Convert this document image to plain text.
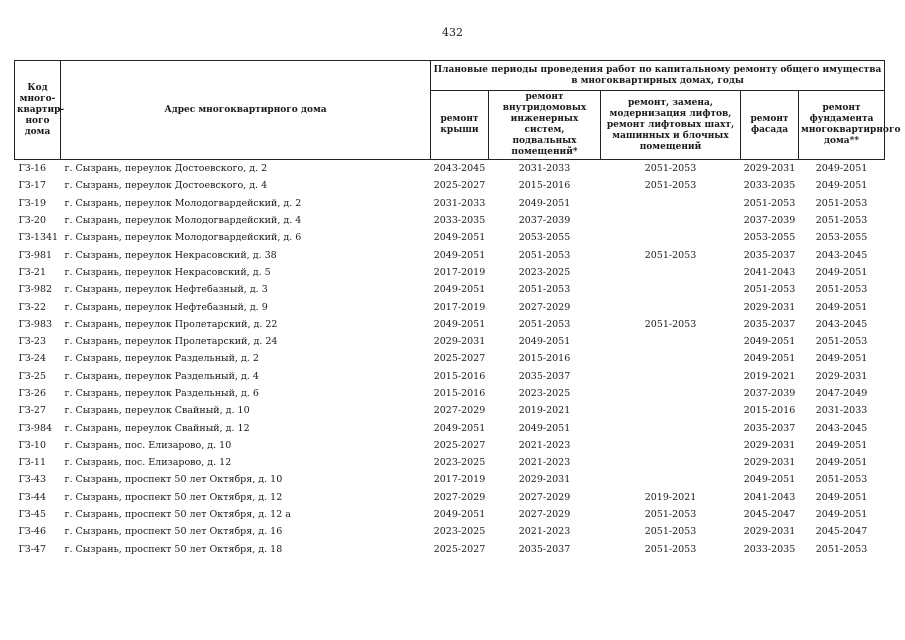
432
Код много-квартир-ного дома	Адрес многоквартирного дома	Плановые периоды проведения работ по капитальному ремонту общего имущества в многоквартирных домах, годы				
		ремонт крыши	ремонт внутридомовых инженерных систем, подвальных помещений*	ремонт, замена, модернизация лифтов, ремонт лифтовых шахт, машинных и блочных помещений	ремонт фасада	ремонт фундамента многоквартирного дома**
ГЗ-16	г. Сызрань, переулок Достоевского, д. 2	2043-2045	2031-2033	2051-2053	2029-2031	2049-2051
ГЗ-17	г. Сызрань, переулок Достоевского, д. 4	2025-2027	2015-2016	2051-2053	2033-2035	2049-2051
ГЗ-19	г. Сызрань, переулок Молодогвардейский, д. 2	2031-2033	2049-2051		2051-2053	2051-2053
ГЗ-20	г. Сызрань, переулок Молодогвардейский, д. 4	2033-2035	2037-2039		2037-2039	2051-2053
ГЗ-1341	г. Сызрань, переулок Молодогвардейский, д. 6	2049-2051	2053-2055		2053-2055	2053-2055
ГЗ-981	г. Сызрань, переулок Некрасовский, д. 38	2049-2051	2051-2053	2051-2053	2035-2037	2043-2045
ГЗ-21	г. Сызрань, переулок Некрасовский, д. 5	2017-2019	2023-2025		2041-2043	2049-2051
ГЗ-982	г. Сызрань, переулок Нефтебазный, д. 3	2049-2051	2051-2053		2051-2053	2051-2053
ГЗ-22	г. Сызрань, переулок Нефтебазный, д. 9	2017-2019	2027-2029		2029-2031	2049-2051
ГЗ-983	г. Сызрань, переулок Пролетарский, д. 22	2049-2051	2051-2053	2051-2053	2035-2037	2043-2045
ГЗ-23	г. Сызрань, переулок Пролетарский, д. 24	2029-2031	2049-2051		2049-2051	2051-2053
ГЗ-24	г. Сызрань, переулок Раздельный, д. 2	2025-2027	2015-2016		2049-2051	2049-2051
ГЗ-25	г. Сызрань, переулок Раздельный, д. 4	2015-2016	2035-2037		2019-2021	2029-2031
ГЗ-26	г. Сызрань, переулок Раздельный, д. 6	2015-2016	2023-2025		2037-2039	2047-2049
ГЗ-27	г. Сызрань, переулок Свайный, д. 10	2027-2029	2019-2021		2015-2016	2031-2033
ГЗ-984	г. Сызрань, переулок Свайный, д. 12	2049-2051	2049-2051		2035-2037	2043-2045
ГЗ-10	г. Сызрань, пос. Елизарово, д. 10	2025-2027	2021-2023		2029-2031	2049-2051
ГЗ-11	г. Сызрань, пос. Елизарово, д. 12	2023-2025	2021-2023		2029-2031	2049-2051
ГЗ-43	г. Сызрань, проспект 50 лет Октября, д. 10	2017-2019	2029-2031		2049-2051	2051-2053
ГЗ-44	г. Сызрань, проспект 50 лет Октября, д. 12	2027-2029	2027-2029	2019-2021	2041-2043	2049-2051
ГЗ-45	г. Сызрань, проспект 50 лет Октября, д. 12 а	2049-2051	2027-2029	2051-2053	2045-2047	2049-2051
ГЗ-46	г. Сызрань, проспект 50 лет Октября, д. 16	2023-2025	2021-2023	2051-2053	2029-2031	2045-2047
ГЗ-47	г. Сызрань, проспект 50 лет Октября, д. 18	2025-2027	2035-2037	2051-2053	2033-2035	2051-2053
